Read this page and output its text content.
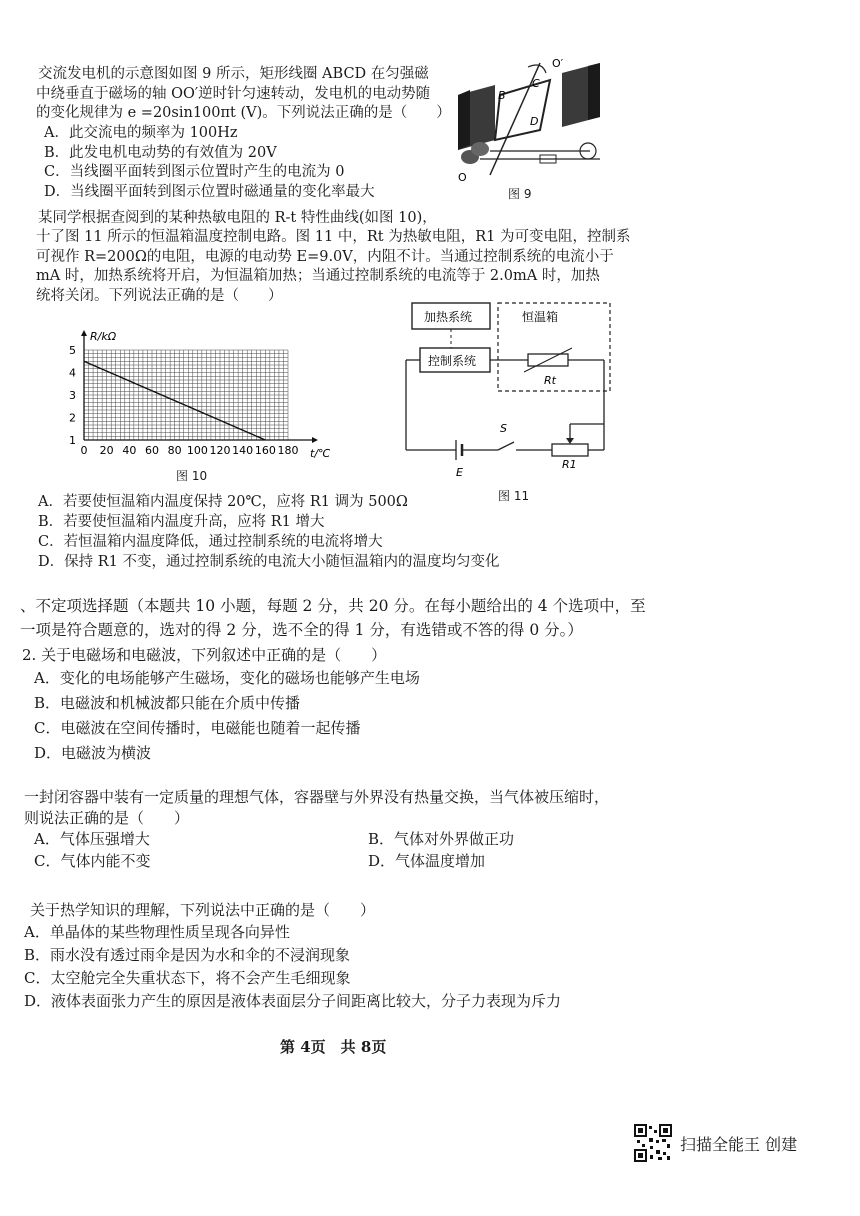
交流发电机的示意图如图 9 所示，矩形线圈 ABCD 在匀强磁
中绕垂直于磁场的轴 OO′逆时针匀速转动，发电机的电动势随
的变化规律为 e =20sin100πt (V)。下列说法正确的是（　　）
A．此交流电的频率为 100Hz
B．此发电机电动势的有效值为 20V
C．当线圈平面转到图示位置时产生的电流为 0
D．当线圈平面转到图示位置时磁通量的变化率最大
O′
O
B
C
D
图 9
某同学根据查阅到的某种热敏电阻的 R-t 特性曲线(如图 10)，
十了图 11 所示的恒温箱温度控制电路。图 11 中，Rt 为热敏电阻，R1 为可变电阻，控制系
可视作 R=200Ω的电阻，电源的电动势 E=9.0V，内阻不计。当通过控制系统的电流小于
mA 时，加热系统将开启，为恒温箱加热；当通过控制系统的电流等于 2.0mA 时，加热
统将关闭。下列说法正确的是（　　）
0 20 40 60 80 100 120 140 160 180
1
2
3
4
5
R/kΩ
t/℃
图 10
加热系统	恒温箱
控制系统
Rt
S
E
R1
图 11
A．若要使恒温箱内温度保持 20℃，应将 R1 调为 500Ω
B．若要使恒温箱内温度升高，应将 R1 增大
C．若恒温箱内温度降低，通过控制系统的电流将增大
D．保持 R1 不变，通过控制系统的电流大小随恒温箱内的温度均匀变化
、不定项选择题（本题共 10 小题，每题 2 分，共 20 分。在每小题给出的 4 个选项中，至
一项是符合题意的，选对的得 2 分，选不全的得 1 分，有选错或不答的得 0 分。）
2. 关于电磁场和电磁波，下列叙述中正确的是（　　）
A．变化的电场能够产生磁场，变化的磁场也能够产生电场
B．电磁波和机械波都只能在介质中传播
C．电磁波在空间传播时，电磁能也随着一起传播
D．电磁波为横波
一封闭容器中装有一定质量的理想气体，容器壁与外界没有热量交换，当气体被压缩时，
则说法正确的是（　　）
A．气体压强增大	B．气体对外界做正功
C．气体内能不变	D．气体温度增加
关于热学知识的理解，下列说法中正确的是（　　）
A．单晶体的某些物理性质呈现各向异性
B．雨水没有透过雨伞是因为水和伞的不浸润现象
C．太空舱完全失重状态下，将不会产生毛细现象
D．液体表面张力产生的原因是液体表面层分子间距离比较大，分子力表现为斥力
第 4页　共 8页
扫描全能王 创建
